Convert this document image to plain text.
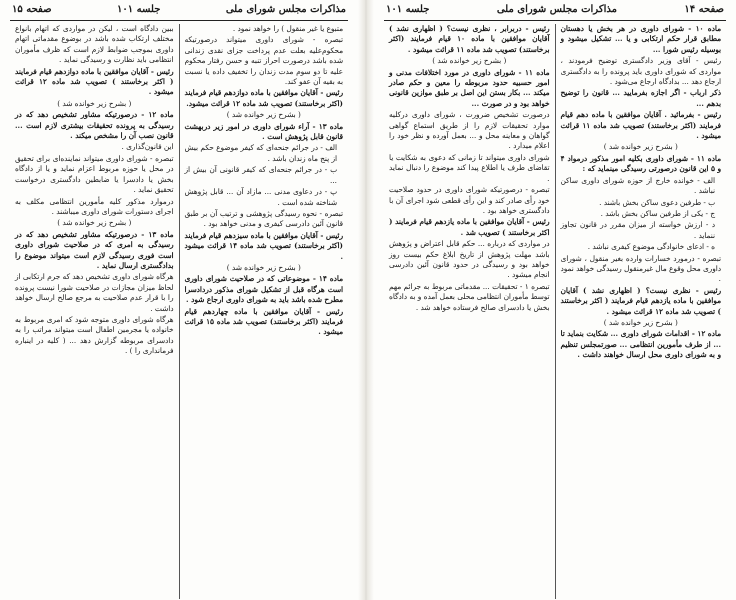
مذاکرات مجلس شورای ملی
جلسه ۱۰۱
صفحه ۱۵

متبوع یا غیر منقول ) را خواهد نمود .

تبصره - شورای داوری میتواند درصورتیکه محکوم‌علیه بعلت عدم پرداخت جزای نقدی زندانی شده باشد درصورت احراز تنبه و حسن رفتار محکوم علیه تا دو سوم مدت زندان را تخفیف داده یا نسبت به بقیه آن عفو کند.

رئیس - آقایان موافقین با ماده دوازدهم قیام فرمایند (اکثر برخاستند) تصویب شد ماده ۱۲ قرائت میشود.

( بشرح زیر خوانده شد )

ماده ۱۳ - آراء شورای داوری در امور زیر دربهشت قانون قابل پژوهش است .

الف - در جرائم جنحه‌ای که کیفر موضوع حکم بیش از پنج ماه زندان باشد .

ب - در جرائم جنحه‌ای که کیفر قانونی آن بیش از ...

پ - در دعاوی مدنی ... مازاد آن ... قابل پژوهش شناخته شده است .

تبصره - نحوه رسیدگی پژوهشی و ترتیب آن بر طبق قانون آئین دادرسی کیفری و مدنی خواهد بود .

رئیس - آقایان موافقین با ماده سیزدهم قیام فرمایند (اکثر برخاستند) تصویب شد ماده ۱۴ قرائت میشود .

( بشرح زیر خوانده شد )

ماده ۱۴ - موضوعاتی که در صلاحیت شورای داوری است هرگاه قبل از تشکیل شورای مذکور دردادسرا مطرح شده باشد باید به شورای داوری ارجاع شود .

رئیس - آقایان موافقین با ماده چهاردهم قیام فرمایند (اکثر برخاستند) تصویب شد ماده ۱۵ قرائت میشود .

ببین دادگاه است ، لیکن در مواردی که اتهام بانواع مختلف ارتکاب شده باشد در بوضوع مقدماتی اتهام داوری بموجب ضوابط لازم است که ظرف مأموران انتظامی باید نظارت و رسیدگی نماید .

رئیس - آقایان موافقین با ماده دوازدهم قیام فرمایند ( اکثر برخاستند ) تصویب شد ماده ۱۲ قرائت میشود .

( بشرح زیر خوانده شد )

ماده ۱۲ - درصورتیکه مشاور تشخیص دهد که در رسیدگی به پرونده تحقیقات بیشتری لازم است ... قانون نصب آن را مشخص میکند .

این قانون‌گذاری .

تبصره - شورای داوری میتواند نماینده‌ای برای تحقیق در محل یا حوزه مربوط اعزام نماید و یا از دادگاه بخش یا دادسرا یا ضابطین دادگستری درخواست تحقیق نماید .

درموارد مذکور کلیه مأمورین انتظامی مکلف به اجرای دستورات شورای داوری میباشند .

( بشرح زیر خوانده شد )

ماده ۱۳ - درصورتیکه مشاور تشخیص دهد که در رسیدگی به امری که در صلاحیت شورای داوری است فوری رسیدگی لازم است میتواند موضوع را بدادگستری ارسال نماید .

هرگاه شورای داوری تشخیص دهد که جرم ارتکابی از لحاظ میزان مجازات در صلاحیت شورا نیست پرونده را با قرار عدم صلاحیت به مرجع صالح ارسال خواهد داشت .

هرگاه شورای داوری متوجه شود که امری مربوط به خانواده یا مجرمین اطفال است میتواند مراتب را به دادسرای مربوطه گزارش دهد ... ( کلیه در اینباره فرمانداری را ) .

صفحه ۱۴
مذاکرات مجلس شورای ملی
جلسه ۱۰۱

ماده ۱۰ - شورای داوری در هر بخش یا دهستان مطابق قرار حکم ارتکابی و یا ... تشکیل میشود و بوسیله رئیس شورا ...

رئیس - آقای وزیر دادگستری توضیح فرمودند ، مواردی که شورای داوری باید پرونده را به دادگستری ارجاع دهد ... بدادگاه ارجاع می‌شود .

ذکر ارباب - اگر اجازه بفرمایید ... قانون را توضیح بدهم ...

رئیس - بفرمائید . آقایان موافقین با ماده دهم قیام فرمایند (اکثر برخاستند) تصویب شد ماده ۱۱ قرائت میشود .

( بشرح زیر خوانده شد )

ماده ۱۱ - شورای داوری بکلیه امور مذکور درمواد ۴ و ۵ این قانون درصورتی رسیدگی مینماید که :

الف - خوانده خارج از حوزه شورای داوری ساکن نباشد .

ب - طرفین دعوی ساکن بخش باشند .

ج - یکی از طرفین ساکن بخش باشد .

د - ارزش خواسته از میزان مقرر در قانون تجاوز ننماید .

ه - ادعای خانوادگی موضوع کیفری نباشد .

تبصره - درمورد خسارات وارده بغیر منقول ، شورای داوری محل وقوع مال غیرمنقول رسیدگی خواهد نمود .

رئیس - نظری نیست؟ ( اظهاری نشد ) آقایان موافقین با ماده یازدهم قیام فرمایند ( اکثر برخاستند ) تصویب شد ماده ۱۲ قرائت میشود .

( بشرح زیر خوانده شد )

ماده ۱۲ - اقدامات شورای داوری ... شکایت بنماید تا ... از طرف مأمورین انتظامی ... صورتمجلس تنظیم و به شورای داوری محل ارسال خواهند داشت .

رئیس - دربرابر ، نظری نیست؟ ( اظهاری نشد ) آقایان موافقین با ماده ۱۰ قیام فرمایند (اکثر برخاستند) تصویب شد ماده ۱۱ قرائت میشود .

( بشرح زیر خوانده شد )

ماده ۱۱ - شورای داوری در مورد اختلافات مدنی و امور حسبیه حدود مربوطه را معین و حکم صادر میکند ... بکار بستن این اصل بر طبق موازین قانونی خواهد بود و در صورت ...

درصورت تشخیص ضرورت ، شورای داوری درکلیه موارد تحقیقات لازم را از طریق استماع گواهی گواهان و معاینه محل و ... بعمل آورده و نظر خود را اعلام میدارد .

شورای داوری میتواند تا زمانی که دعوی به شکایت یا تقاضای طرف یا اطلاع پیدا کند موضوع را دنبال نماید .

تبصره - درصورتیکه شورای داوری در حدود صلاحیت خود رأی صادر کند و این رأی قطعی شود اجرای آن با دادگستری خواهد بود .

رئیس - آقایان موافقین با ماده یازدهم قیام فرمایند ( اکثر برخاستند ) تصویب شد .

در مواردی که درباره ... حکم قابل اعتراض و پژوهش باشد مهلت پژوهش از تاریخ ابلاغ حکم بیست روز خواهد بود و رسیدگی در حدود قانون آئین دادرسی انجام میشود .

تبصره ۱ - تحقیقات ... مقدماتی مربوط به جرائم مهم توسط مأموران انتظامی محلی بعمل آمده و به دادگاه بخش یا دادسرای صالح فرستاده خواهد شد .
